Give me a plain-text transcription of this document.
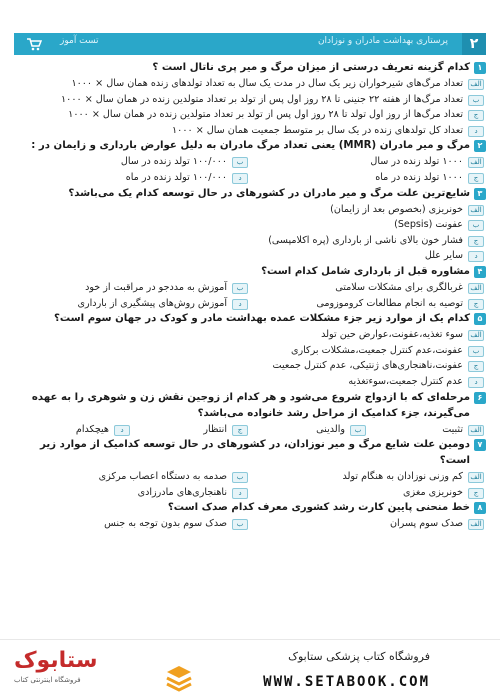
۲
پرستاری بهداشت مادران و نوزادان
تست آموز
۱
کدام گزینه تعریف درستی از میزان مرگ و میر پری ناتال است ؟
الف
تعداد مرگ‌های شیرخواران زیر یک سال در مدت یک سال به تعداد تولدهای زنده همان سال × ۱۰۰۰
ب
تعداد مرگ‌ها از هفته ۲۲ جنینی تا ۲۸ روز اول پس از تولد بر تعداد متولدین زنده در همان سال × ۱۰۰۰
ج
تعداد مرگ‌ها از روز اول تولد تا ۲۸ روز اول پس از تولد بر تعداد متولدین زنده در همان سال × ۱۰۰۰
د
تعداد کل تولدهای زنده در یک سال بر متوسط جمعیت همان سال × ۱۰۰۰
۲
مرگ و میر مادران (MMR) یعنی تعداد مرگ مادران به دلیل عوارض بارداری و زایمان در :
الف
۱۰۰۰ تولد زنده در سال
ب
۱۰۰/۰۰۰ تولد زنده در سال
ج
۱۰۰۰ تولد زنده در ماه
د
۱۰۰/۰۰۰ تولد زنده در ماه
۳
شایع‌ترین علت مرگ و میر مادران در کشورهای در حال توسعه کدام یک می‌باشد؟
الف
خونریزی (بخصوص بعد از زایمان)
ب
عفونت (Sepsis)
ج
فشار خون بالای ناشی از بارداری (پره اکلامپسی)
د
سایر علل
۴
مشاوره قبل از بارداری شامل کدام است؟
الف
غربالگری برای مشکلات سلامتی
ب
آموزش به مددجو در مراقبت از خود
ج
توصیه به انجام مطالعات کروموزومی
د
آموزش روش‌های پیشگیری از بارداری
۵
کدام یک از موارد زیر جزء مشکلات عمده بهداشت مادر و کودک در جهان سوم است؟
الف
سوء تغذیه،عفونت،عوارض حین تولد
ب
عفونت،عدم کنترل جمعیت،مشکلات برکاری
ج
عفونت،ناهنجاری‌های ژنتیکی، عدم کنترل جمعیت
د
عدم کنترل جمعیت،سوءتغذیه
۶
مرحله‌ای که با ازدواج شروع می‌شود و هر کدام از زوجین نقش زن و شوهری را به عهده می‌گیرند، جزء کدامیک از مراحل رشد خانواده می‌باشد؟
الف
تثبیت
ب
والدینی
ج
انتظار
د
هیچکدام
۷
دومین علت شایع مرگ و میر نوزادان، در کشورهای در حال توسعه کدامیک از موارد زیر است؟
الف
کم وزنی نوزادان به هنگام تولد
ب
صدمه به دستگاه اعصاب مرکزی
ج
خونریزی مغزی
د
ناهنجاری‌های مادرزادی
۸
خط منحنی پایین کارت رشد کشوری معرف کدام صدک است؟
الف
صدک سوم پسران
ب
صدک سوم بدون توجه به جنس
فروشگاه کتاب پزشکی ستابوک
WWW.SETABOOK.COM
ستابوک
فروشگاه اینترنتی کتاب
